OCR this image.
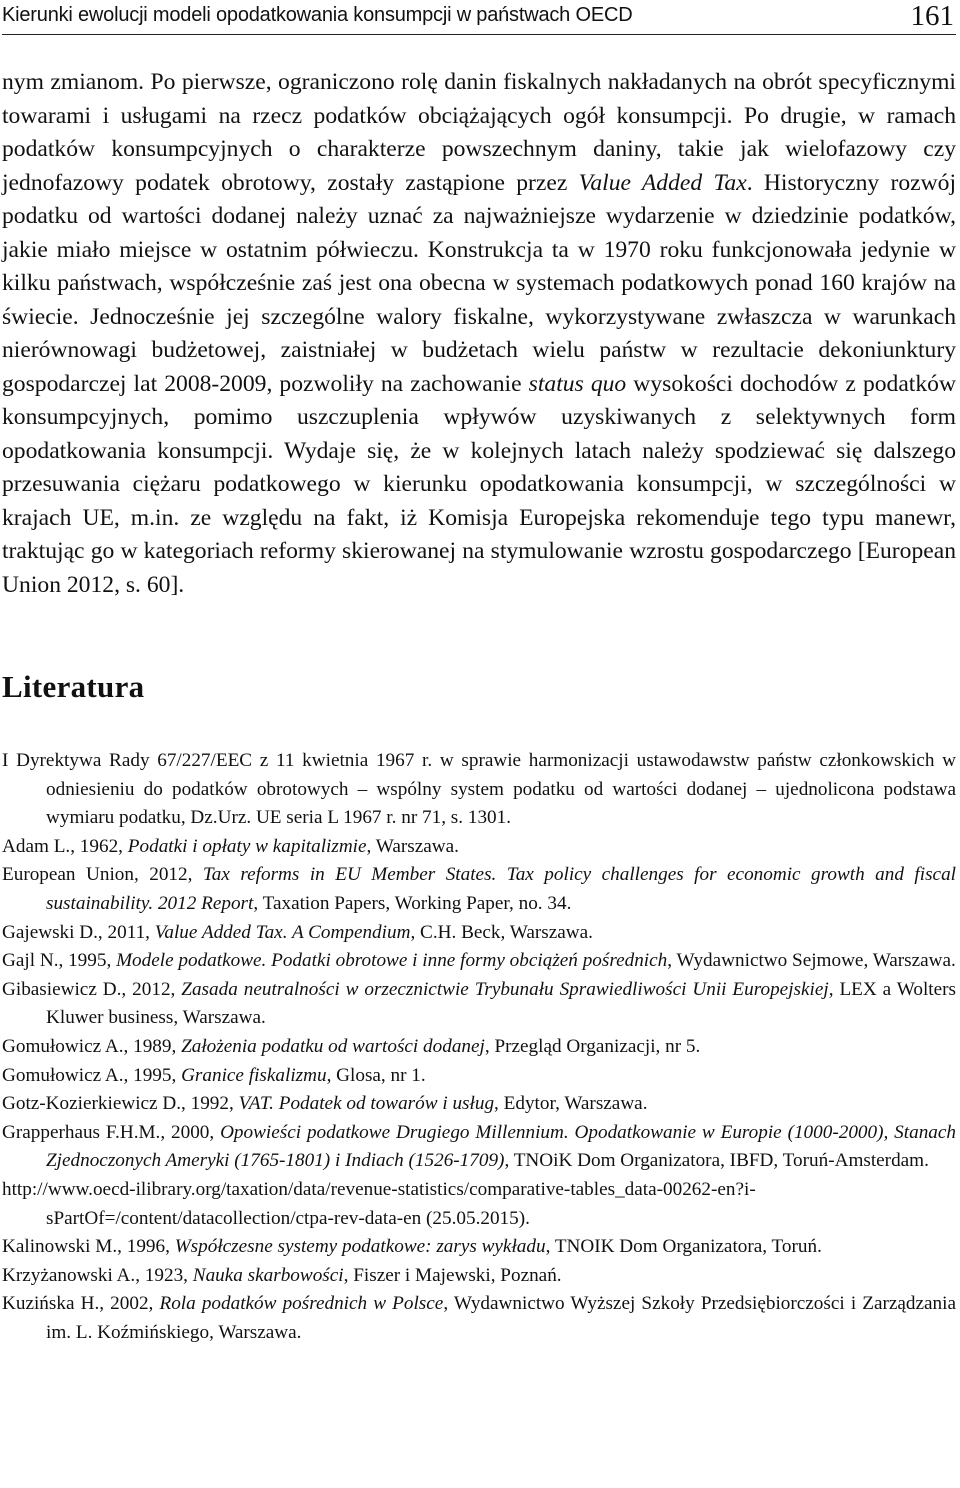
Kierunki ewolucji modeli opodatkowania konsumpcji w państwach OECD	161

nym zmianom. Po pierwsze, ograniczono rolę danin fiskalnych nakładanych na obrót specyficznymi towarami i usługami na rzecz podatków obciążających ogół konsumpcji. Po drugie, w ramach podatków konsumpcyjnych o charakterze powszechnym daniny, takie jak wielofazowy czy jednofazowy podatek obrotowy, zostały zastąpione przez Value Added Tax. Historyczny rozwój podatku od wartości dodanej należy uznać za najważniejsze wydarzenie w dziedzinie podatków, jakie miało miejsce w ostatnim półwieczu. Konstrukcja ta w 1970 roku funkcjonowała jedynie w kilku państwach, współcześnie zaś jest ona obecna w systemach podatkowych ponad 160 krajów na świecie. Jednocześnie jej szczególne walory fiskalne, wykorzystywane zwłaszcza w warunkach nierównowagi budżetowej, zaistniałej w budżetach wielu państw w rezultacie dekoniunktury gospodarczej lat 2008-2009, pozwoliły na zachowanie status quo wysokości dochodów z podatków konsumpcyjnych, pomimo uszczuplenia wpływów uzyskiwanych z selektywnych form opodatkowania konsumpcji. Wydaje się, że w kolejnych latach należy spodziewać się dalszego przesuwania ciężaru podatkowego w kierunku opodatkowania konsumpcji, w szczególności w krajach UE, m.in. ze względu na fakt, iż Komisja Europejska rekomenduje tego typu manewr, traktując go w kategoriach reformy skierowanej na stymulowanie wzrostu gospodarczego [European Union 2012, s. 60].

Literatura
I Dyrektywa Rady 67/227/EEC z 11 kwietnia 1967 r. w sprawie harmonizacji ustawodawstw państw członkowskich w odniesieniu do podatków obrotowych – wspólny system podatku od wartości dodanej – ujednolicona podstawa wymiaru podatku, Dz.Urz. UE seria L 1967 r. nr 71, s. 1301.
Adam L., 1962, Podatki i opłaty w kapitalizmie, Warszawa.
European Union, 2012, Tax reforms in EU Member States. Tax policy challenges for economic growth and fiscal sustainability. 2012 Report, Taxation Papers, Working Paper, no. 34.
Gajewski D., 2011, Value Added Tax. A Compendium, C.H. Beck, Warszawa.
Gajl N., 1995, Modele podatkowe. Podatki obrotowe i inne formy obciążeń pośrednich, Wydawnictwo Sejmowe, Warszawa.
Gibasiewicz D., 2012, Zasada neutralności w orzecznictwie Trybunału Sprawiedliwości Unii Europejskiej, LEX a Wolters Kluwer business, Warszawa.
Gomułowicz A., 1989, Założenia podatku od wartości dodanej, Przegląd Organizacji, nr 5.
Gomułowicz A., 1995, Granice fiskalizmu, Glosa, nr 1.
Gotz-Kozierkiewicz D., 1992, VAT. Podatek od towarów i usług, Edytor, Warszawa.
Grapperhaus F.H.M., 2000, Opowieści podatkowe Drugiego Millennium. Opodatkowanie w Europie (1000-2000), Stanach Zjednoczonych Ameryki (1765-1801) i Indiach (1526-1709), TNOiK Dom Organizatora, IBFD, Toruń-Amsterdam.
http://www.oecd-ilibrary.org/taxation/data/revenue-statistics/comparative-tables_data-00262-en?isPartOf=/content/datacollection/ctpa-rev-data-en (25.05.2015).
Kalinowski M., 1996, Współczesne systemy podatkowe: zarys wykładu, TNOIK Dom Organizatora, Toruń.
Krzyżanowski A., 1923, Nauka skarbowości, Fiszer i Majewski, Poznań.
Kuzińska H., 2002, Rola podatków pośrednich w Polsce, Wydawnictwo Wyższej Szkoły Przedsiębiorczości i Zarządzania im. L. Koźmińskiego, Warszawa.
